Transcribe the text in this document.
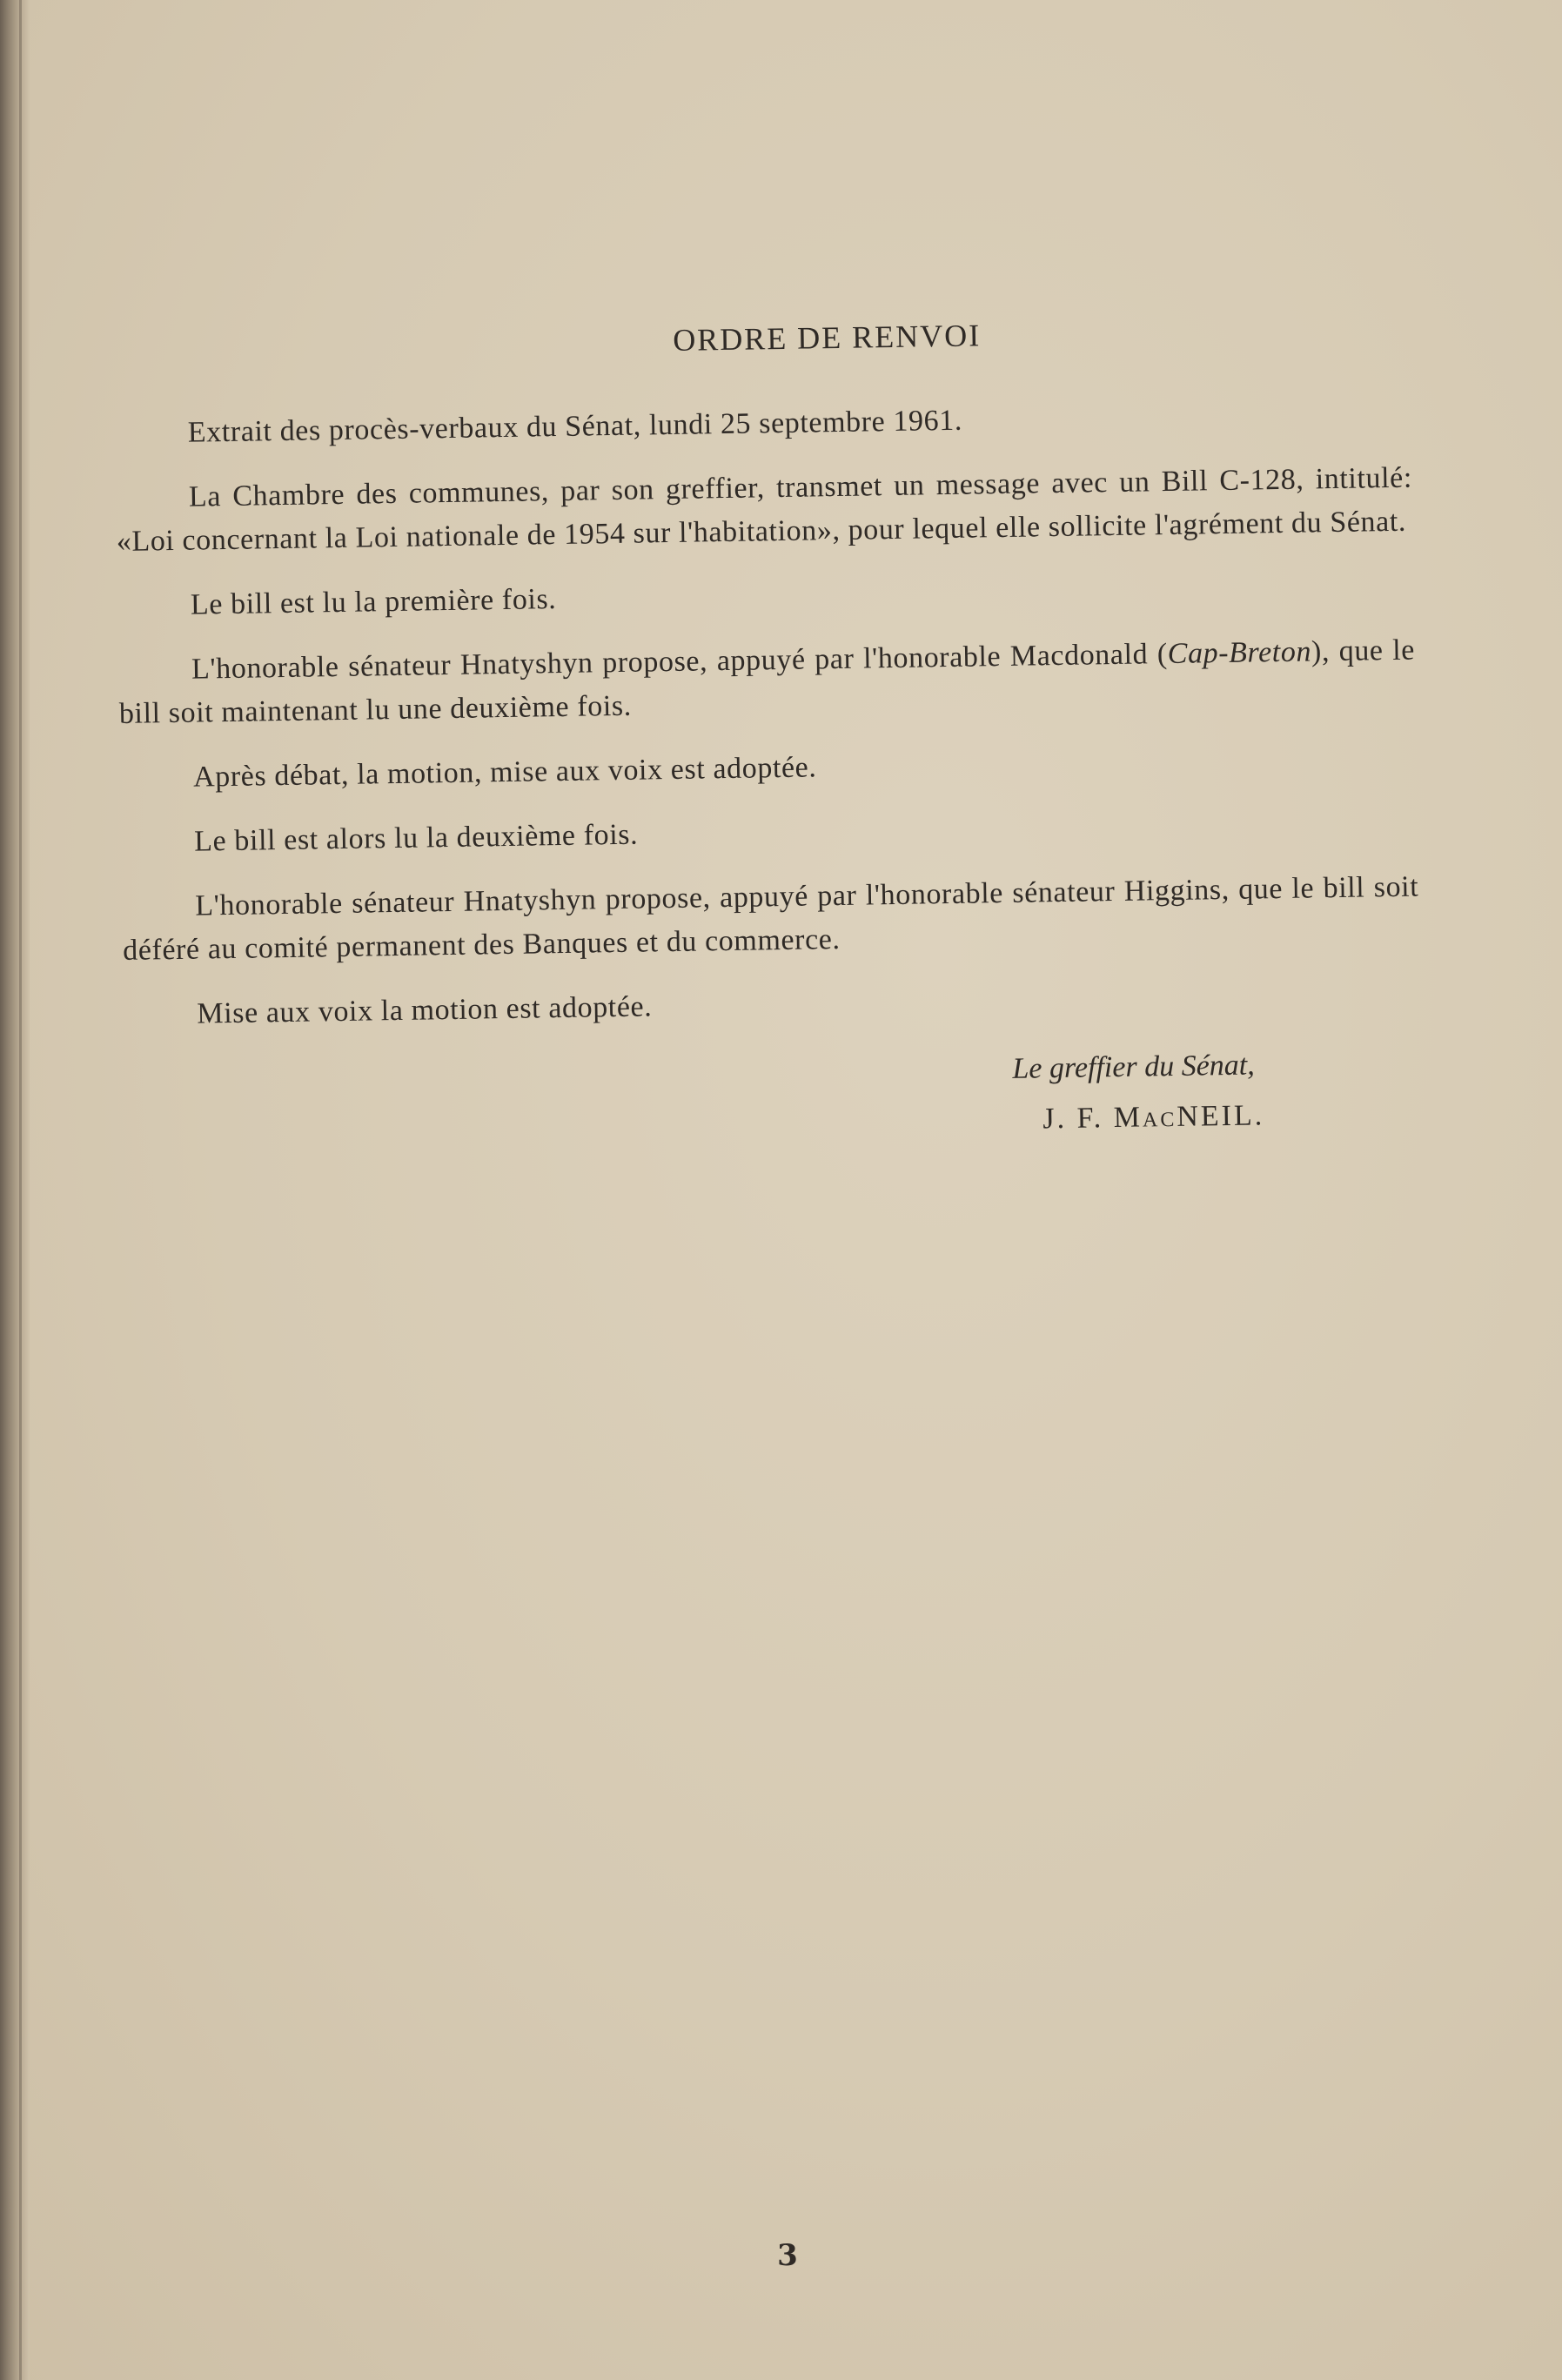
ORDRE DE RENVOI

Extrait des procès-verbaux du Sénat, lundi 25 septembre 1961.

La Chambre des communes, par son greffier, transmet un message avec un Bill C-128, intitulé: «Loi concernant la Loi nationale de 1954 sur l'habitation», pour lequel elle sollicite l'agrément du Sénat.

Le bill est lu la première fois.

L'honorable sénateur Hnatyshyn propose, appuyé par l'honorable Macdonald (Cap-Breton), que le bill soit maintenant lu une deuxième fois.

Après débat, la motion, mise aux voix est adoptée.

Le bill est alors lu la deuxième fois.

L'honorable sénateur Hnatyshyn propose, appuyé par l'honorable sénateur Higgins, que le bill soit déféré au comité permanent des Banques et du commerce.

Mise aux voix la motion est adoptée.

Le greffier du Sénat,
J. F. MacNEIL.
3
